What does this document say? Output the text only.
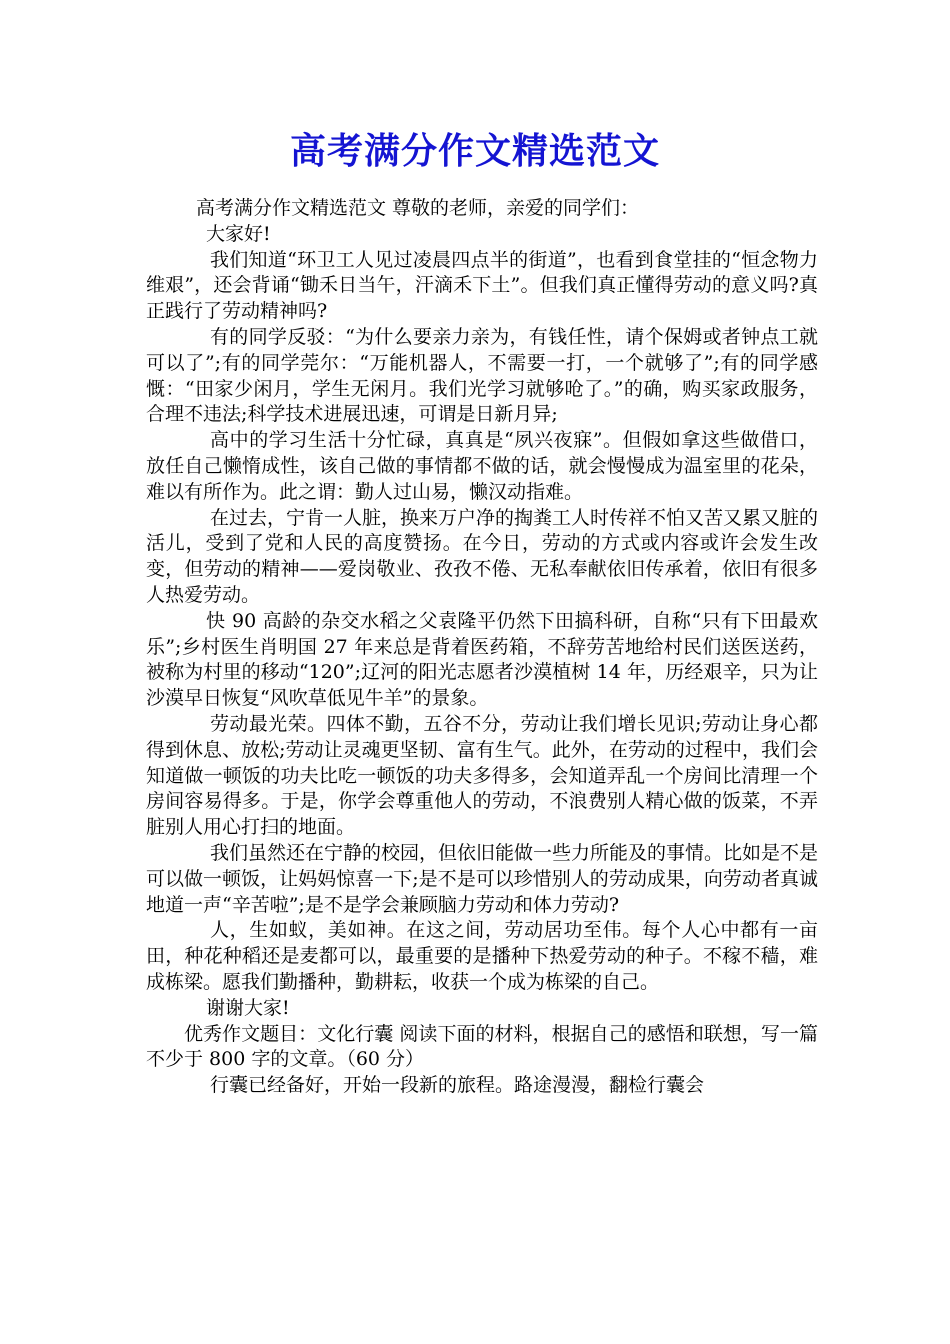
高考满分作文精选范文

高考满分作文精选范文 尊敬的老师，亲爱的同学们：

大家好!

我们知道“环卫工人见过凌晨四点半的街道”，也看到食堂挂的“恒念物力维艰”，还会背诵“锄禾日当午，汗滴禾下土”。但我们真正懂得劳动的意义吗?真正践行了劳动精神吗?

有的同学反驳：“为什么要亲力亲为，有钱任性，请个保姆或者钟点工就可以了”;有的同学莞尔：“万能机器人，不需要一打，一个就够了”;有的同学感慨：“田家少闲月，学生无闲月。我们光学习就够呛了。”的确，购买家政服务，合理不违法;科学技术进展迅速，可谓是日新月异;

高中的学习生活十分忙碌，真真是“夙兴夜寐”。但假如拿这些做借口，放任自己懒惰成性，该自己做的事情都不做的话，就会慢慢成为温室里的花朵，难以有所作为。此之谓：勤人过山易，懒汉动指难。

在过去，宁肯一人脏，换来万户净的掏粪工人时传祥不怕又苦又累又脏的活儿，受到了党和人民的高度赞扬。在今日，劳动的方式或内容或许会发生改变，但劳动的精神——爱岗敬业、孜孜不倦、无私奉献依旧传承着，依旧有很多人热爱劳动。

快 90 高龄的杂交水稻之父袁隆平仍然下田搞科研，自称“只有下田最欢乐”;乡村医生肖明国 27 年来总是背着医药箱，不辞劳苦地给村民们送医送药，被称为村里的移动“120”;辽河的阳光志愿者沙漠植树 14 年，历经艰辛，只为让沙漠早日恢复“风吹草低见牛羊”的景象。

劳动最光荣。四体不勤，五谷不分，劳动让我们增长见识;劳动让身心都得到休息、放松;劳动让灵魂更坚韧、富有生气。此外，在劳动的过程中，我们会知道做一顿饭的功夫比吃一顿饭的功夫多得多，会知道弄乱一个房间比清理一个房间容易得多。于是，你学会尊重他人的劳动，不浪费别人精心做的饭菜，不弄脏别人用心打扫的地面。

我们虽然还在宁静的校园，但依旧能做一些力所能及的事情。比如是不是可以做一顿饭，让妈妈惊喜一下;是不是可以珍惜别人的劳动成果，向劳动者真诚地道一声“辛苦啦”;是不是学会兼顾脑力劳动和体力劳动?

人，生如蚁，美如神。在这之间，劳动居功至伟。每个人心中都有一亩田，种花种稻还是麦都可以，最重要的是播种下热爱劳动的种子。不稼不穑，难成栋梁。愿我们勤播种，勤耕耘，收获一个成为栋梁的自己。

谢谢大家!

优秀作文题目：文化行囊 阅读下面的材料，根据自己的感悟和联想，写一篇不少于 800 字的文章。（60 分）

行囊已经备好，开始一段新的旅程。路途漫漫，翻检行囊会
